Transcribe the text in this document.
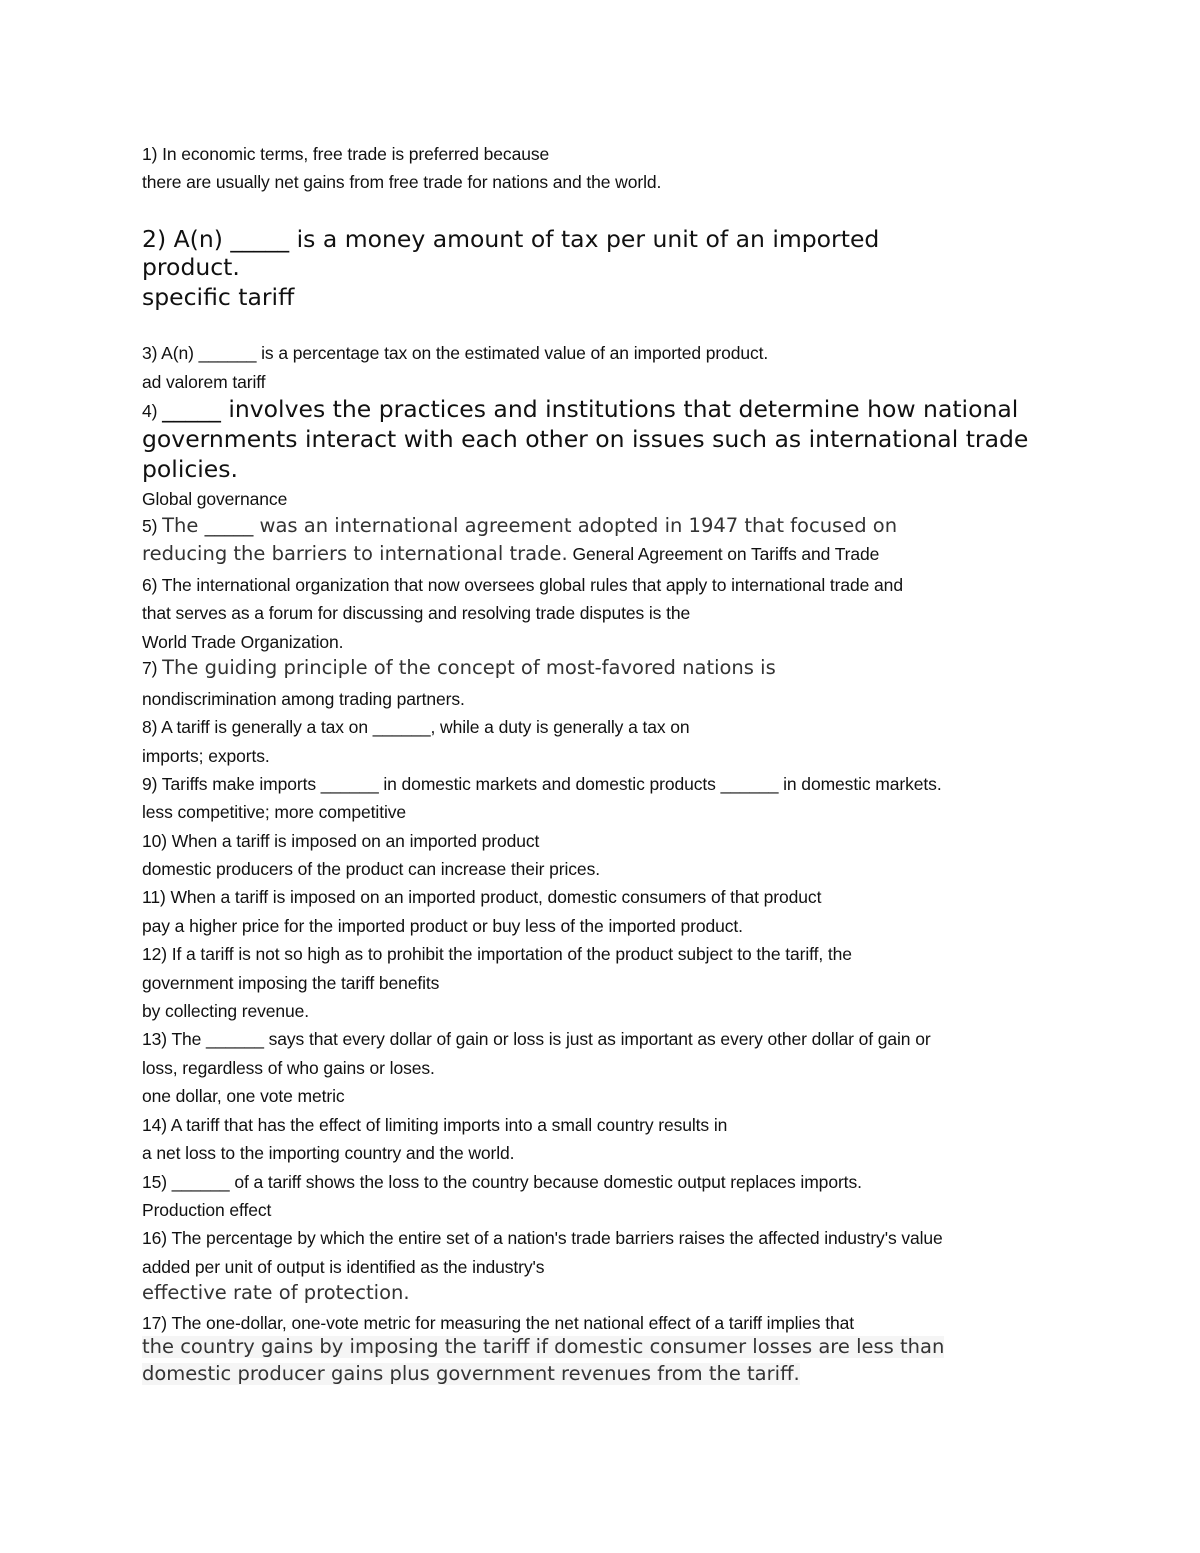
1) In economic terms, free trade is preferred because
there are usually net gains from free trade for nations and the world.
2) A(n) _____ is a money amount of tax per unit of an imported
product.
specific tariff
3) A(n) ______ is a percentage tax on the estimated value of an imported product.
ad valorem tariff
4) _____ involves the practices and institutions that determine how national
governments interact with each other on issues such as international trade
policies.
Global governance
5) The _____ was an international agreement adopted in 1947 that focused on
reducing the barriers to international trade. General Agreement on Tariffs and Trade
6) The international organization that now oversees global rules that apply to international trade and
that serves as a forum for discussing and resolving trade disputes is the
World Trade Organization.
7) The guiding principle of the concept of most-favored nations is
nondiscrimination among trading partners.
8) A tariff is generally a tax on ______, while a duty is generally a tax on
imports; exports.
9) Tariffs make imports ______ in domestic markets and domestic products ______ in domestic markets.
less competitive; more competitive
10) When a tariff is imposed on an imported product
domestic producers of the product can increase their prices.
11) When a tariff is imposed on an imported product, domestic consumers of that product
pay a higher price for the imported product or buy less of the imported product.
12) If a tariff is not so high as to prohibit the importation of the product subject to the tariff, the
government imposing the tariff benefits
by collecting revenue.
13) The ______ says that every dollar of gain or loss is just as important as every other dollar of gain or
loss, regardless of who gains or loses.
one dollar, one vote metric
14) A tariff that has the effect of limiting imports into a small country results in
a net loss to the importing country and the world.
15) ______ of a tariff shows the loss to the country because domestic output replaces imports.
Production effect
16) The percentage by which the entire set of a nation's trade barriers raises the affected industry's value
added per unit of output is identified as the industry's
effective rate of protection.
17) The one-dollar, one-vote metric for measuring the net national effect of a tariff implies that
the country gains by imposing the tariff if domestic consumer losses are less than
domestic producer gains plus government revenues from the tariff.
